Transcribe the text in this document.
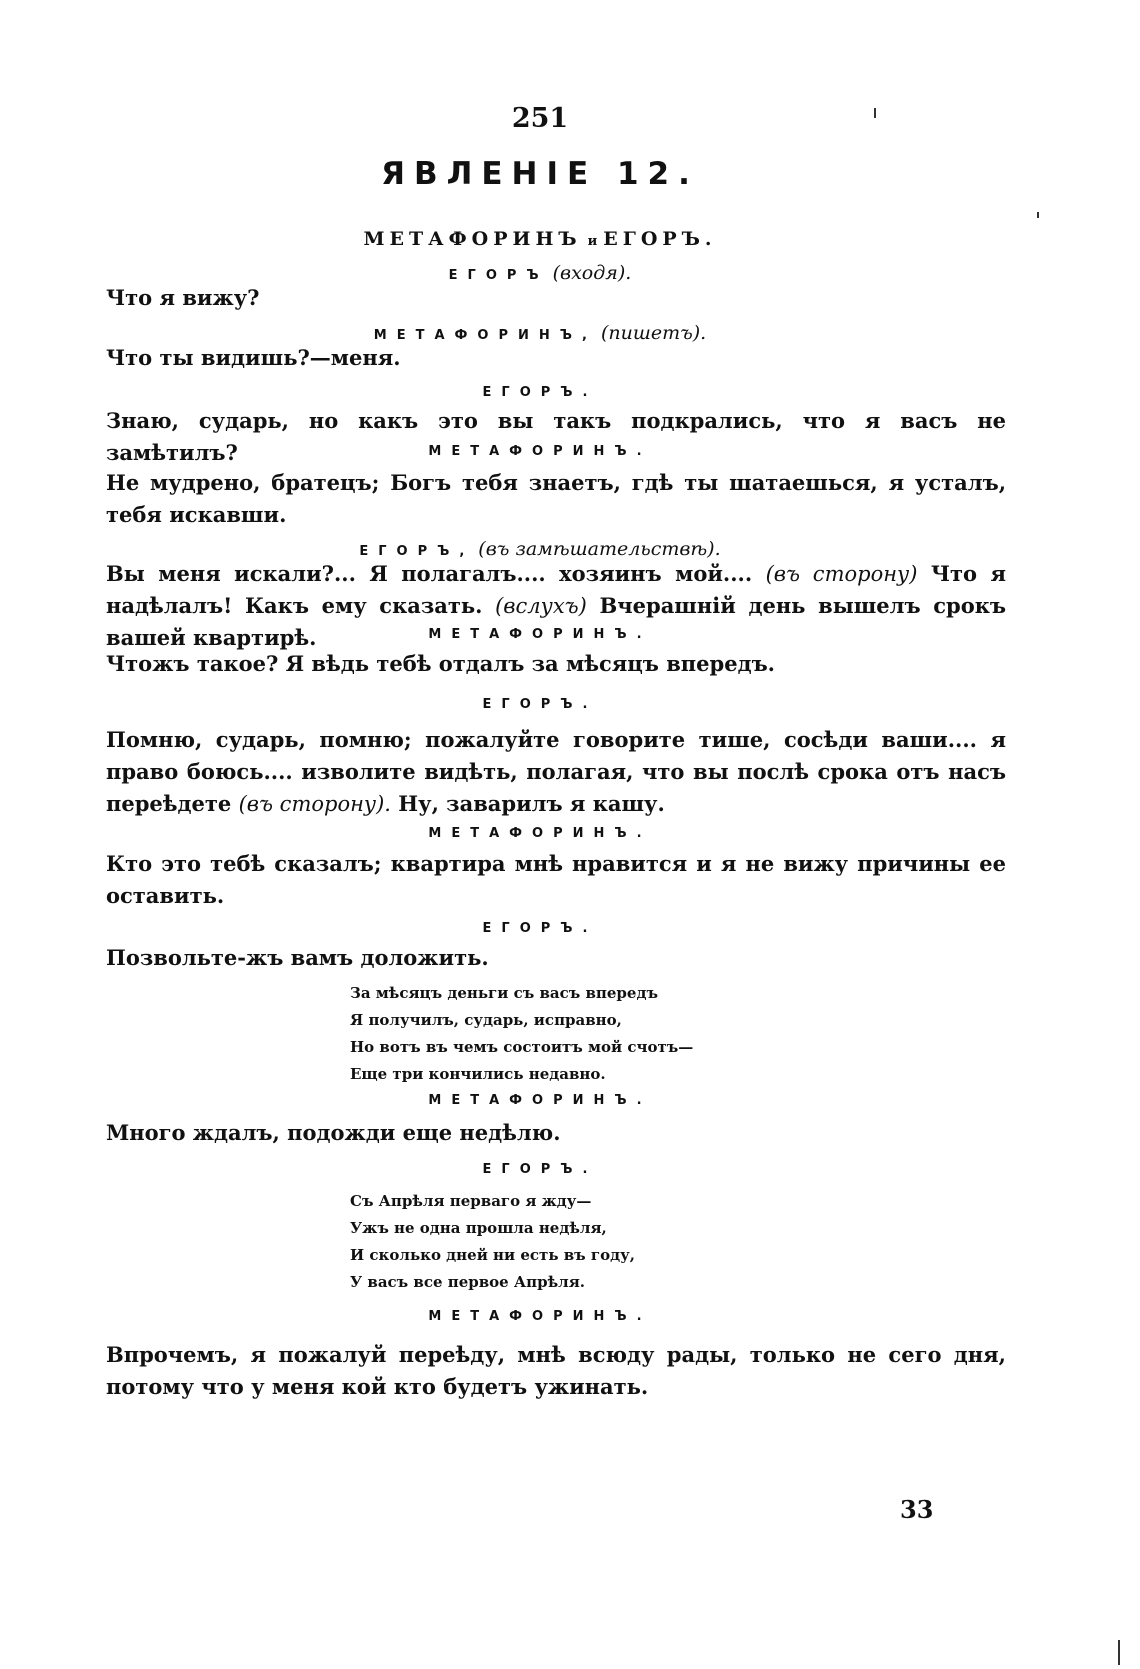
251
ЯВЛЕНІЕ 12.
МЕТАФОРИНЪ и ЕГОРЪ.
ЕГОРЪ (входя).
Что я вижу?
МЕТАФОРИНЪ, (пишетъ).
Что ты видишь?—меня.
ЕГОРЪ.
Знаю, сударь, но какъ это вы такъ подкрались, что я васъ не замѣтилъ?	МЕТАФОРИНЪ.
Не мудрено, братецъ; Богъ тебя знаетъ, гдѣ ты шатаешься, я усталъ, тебя искавши.
ЕГОРЪ, (въ замѣшательствѣ).
Вы меня искали?... Я полагалъ.... хозяинъ мой.... (въ сторону) Что я надѣлалъ! Какъ ему сказать. (вслухъ) Вчерашній день вышелъ срокъ вашей квартирѣ.	МЕТАФОРИНЪ.
Чтожъ такое? Я вѣдь тебѣ отдалъ за мѣсяцъ впередъ.
ЕГОРЪ.
Помню, сударь, помню; пожалуйте говорите тише, сосѣди ваши.... я право боюсь.... изволите видѣть, полагая, что вы послѣ срока отъ насъ переѣдете (въ сторону). Ну, заварилъ я кашу.
МЕТАФОРИНЪ.
Кто это тебѣ сказалъ; квартира мнѣ нравится и я не вижу причины ее оставить.
ЕГОРЪ.
Позвольте-жъ вамъ доложить.
За мѣсяцъ деньги съ васъ впередъ
Я получилъ, сударь, исправно,
Но вотъ въ чемъ состоитъ мой счотъ—
Еще три кончились недавно.
МЕТАФОРИНЪ.
Много ждалъ, подожди еще недѣлю.
ЕГОРЪ.
Съ Апрѣля перваго я жду—
Ужъ не одна прошла недѣля,
И сколько дней ни есть въ году,
У васъ все первое Апрѣля.
МЕТАФОРИНЪ.
Впрочемъ, я пожалуй переѣду, мнѣ всюду рады, только не сего дня, потому что у меня кой кто будетъ ужинать.
33
